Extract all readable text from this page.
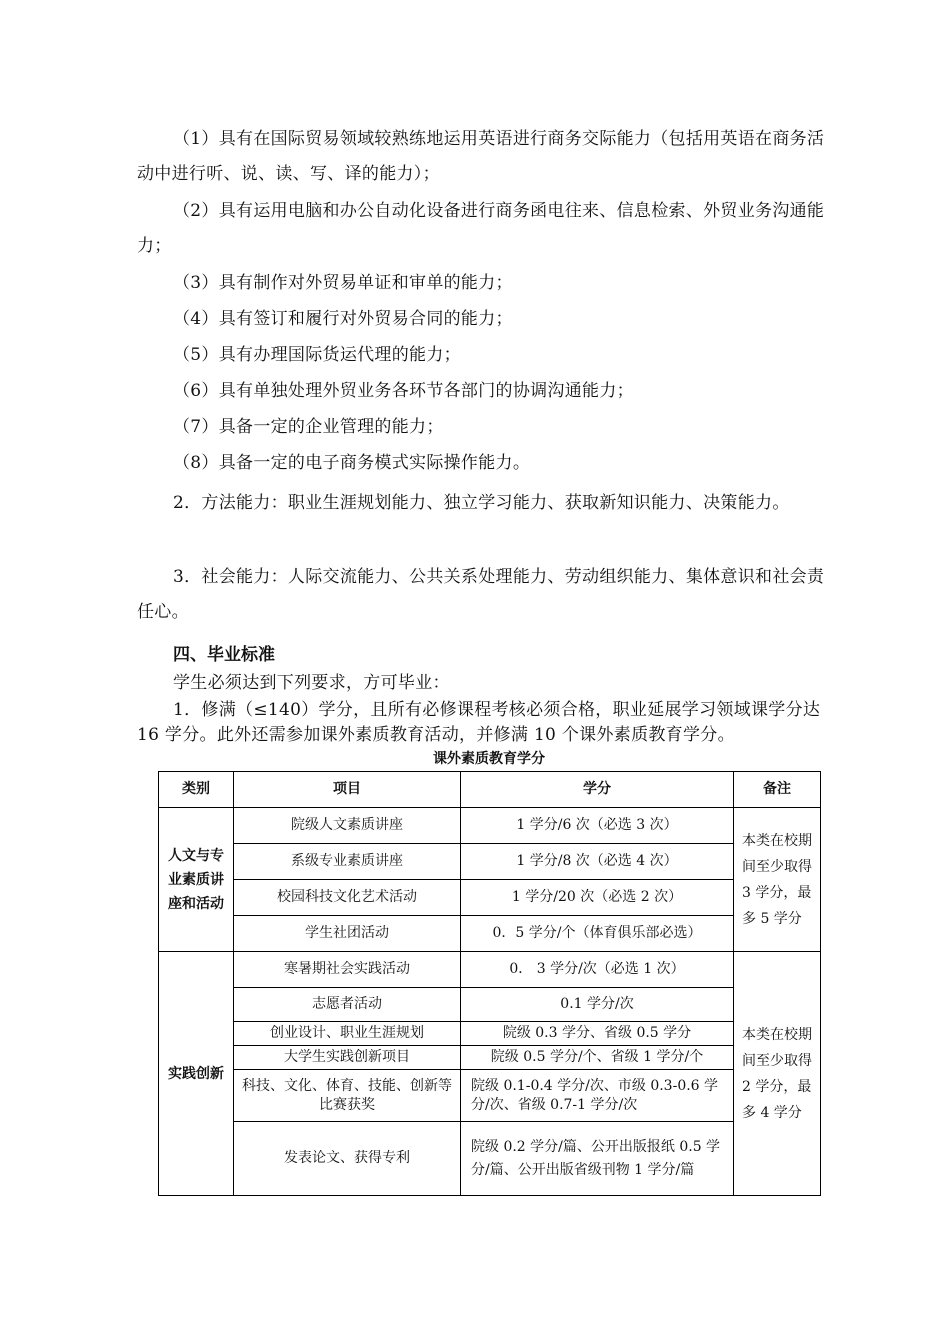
（1）具有在国际贸易领域较熟练地运用英语进行商务交际能力（包括用英语在商务活动中进行听、说、读、写、译的能力）；

（2）具有运用电脑和办公自动化设备进行商务函电往来、信息检索、外贸业务沟通能力；

（3）具有制作对外贸易单证和审单的能力；

（4）具有签订和履行对外贸易合同的能力；

（5）具有办理国际货运代理的能力；

（6）具有单独处理外贸业务各环节各部门的协调沟通能力；

（7）具备一定的企业管理的能力；

（8）具备一定的电子商务模式实际操作能力。

2．方法能力：职业生涯规划能力、独立学习能力、获取新知识能力、决策能力。

3．社会能力：人际交流能力、公共关系处理能力、劳动组织能力、集体意识和社会责任心。

四、毕业标准

学生必须达到下列要求，方可毕业：

1．修满（≤140）学分，且所有必修课程考核必须合格，职业延展学习领域课学分达 16 学分。此外还需参加课外素质教育活动，并修满 10 个课外素质教育学分。

课外素质教育学分
类别	项目	学分	备注
人文与专业素质讲座和活动	院级人文素质讲座	1 学分/6 次（必选 3 次）	本类在校期间至少取得 3 学分，最多 5 学分
	系级专业素质讲座	1 学分/8 次（必选 4 次）	
	校园科技文化艺术活动	1 学分/20 次（必选 2 次）	
	学生社团活动	0．5 学分/个（体育俱乐部必选）	
实践创新	寒暑期社会实践活动	0． 3 学分/次（必选 1 次）	本类在校期间至少取得 2 学分，最多 4 学分
	志愿者活动	0.1 学分/次	
	创业设计、职业生涯规划	院级 0.3 学分、省级 0.5 学分	
	大学生实践创新项目	院级 0.5 学分/个、省级 1 学分/个	
	科技、文化、体育、技能、创新等比赛获奖	院级 0.1-0.4 学分/次、市级 0.3-0.6 学分/次、省级 0.7-1 学分/次	
	发表论文、获得专利	院级 0.2 学分/篇、公开出版报纸 0.5 学分/篇、公开出版省级刊物 1 学分/篇	
